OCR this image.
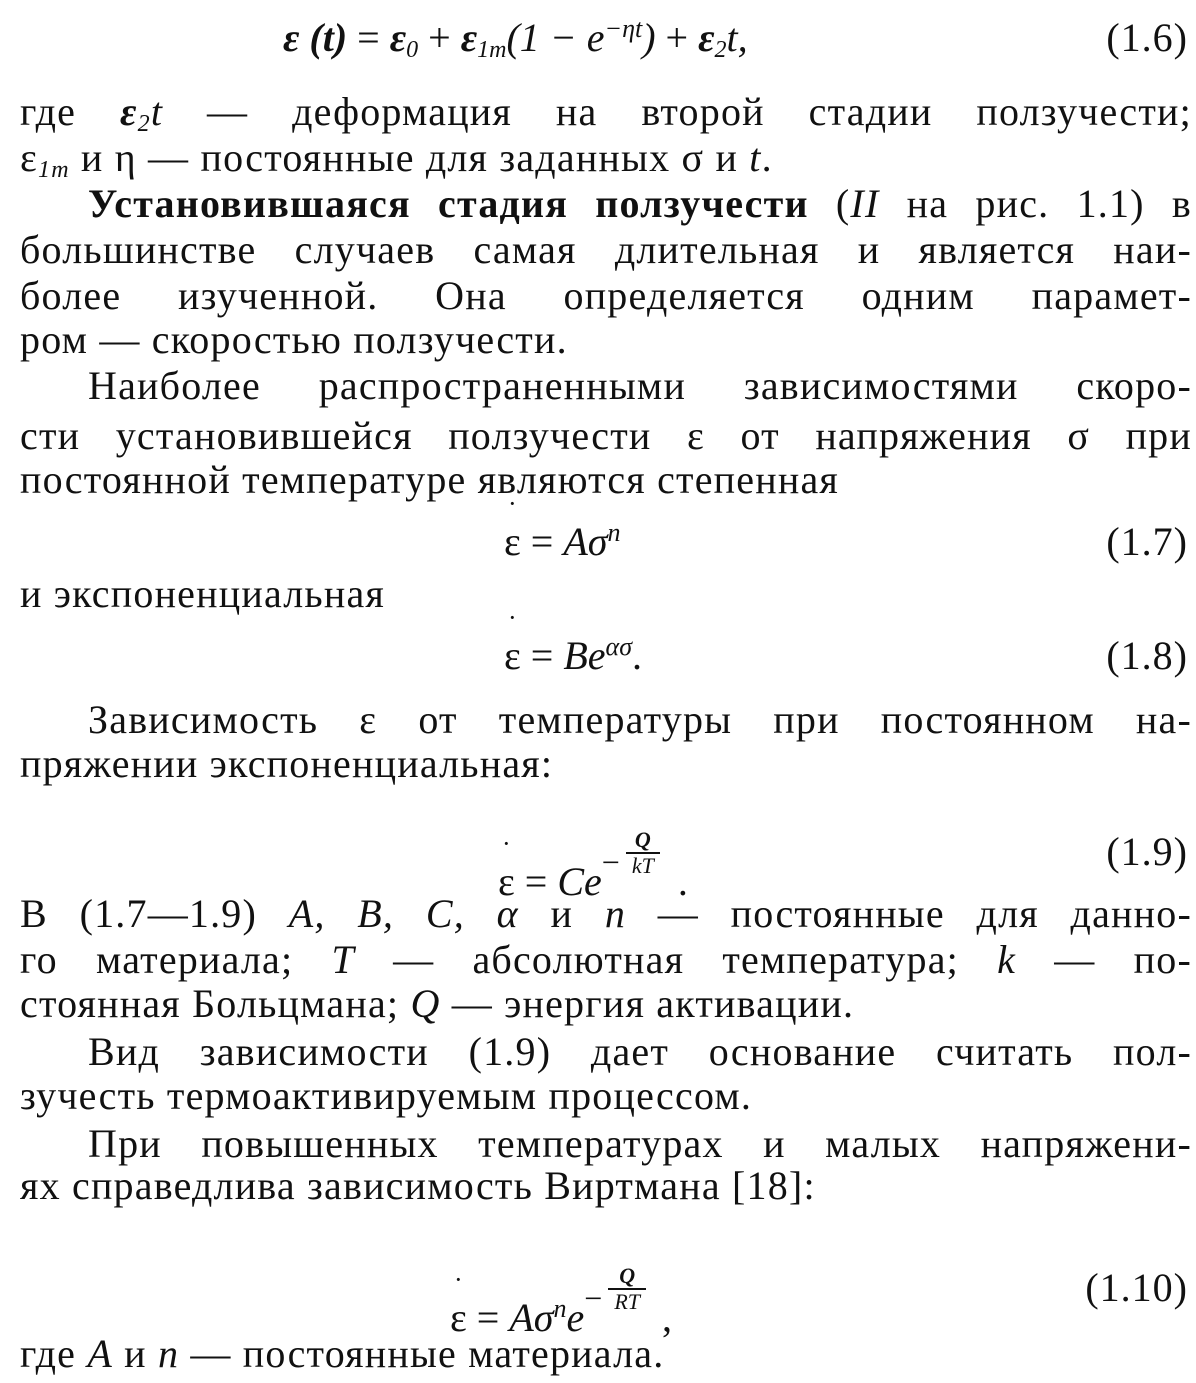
ε $(t) = \varepsilon_0 + \varepsilon_{1m}(1 - e^{-\eta t}) + \varepsilon_2t$,	(1.6)
где $\varepsilon_2t$ — деформация на второй стадии ползучести;
$\varepsilon_{1m}$ и η — постоянные для заданных σ и t.
Установившаяся стадия ползучести (II на рис. 1.1) в
большинстве случаев самая длительная и является наи-
более изученной. Она определяется одним парамет-
ром — скоростью ползучести.
Наиболее распространенными зависимостями скоро-
сти установившейся ползучести ε от напряжения σ при
постоянной температуре являются степенная
· $\varepsilon = A\sigma^n$	(1.7)
и экспоненциальная
· $\varepsilon = Be^{\alpha\sigma}$.	(1.8)
Зависимость ε от температуры при постоянном на-
пряжении экспоненциальная:
· $\varepsilon = Ce^- \frac{Q}{kT}$
.
(1.9)
В (1.7—1.9) A, B, C, α и n — постоянные для данно-
го материала; T — абсолютная температура; k — по-
стоянная Больцмана; Q — энергия активации.
Вид зависимости (1.9) дает основание считать пол-
зучесть термоактивируемым процессом.
При повышенных температурах и малых напряжени-
ях справедлива зависимость Виртмана [18]:
· $\varepsilon = A\sigma^ne^- \frac{Q}{RT}$
,
(1.10)
где A и n — постоянные материала.
